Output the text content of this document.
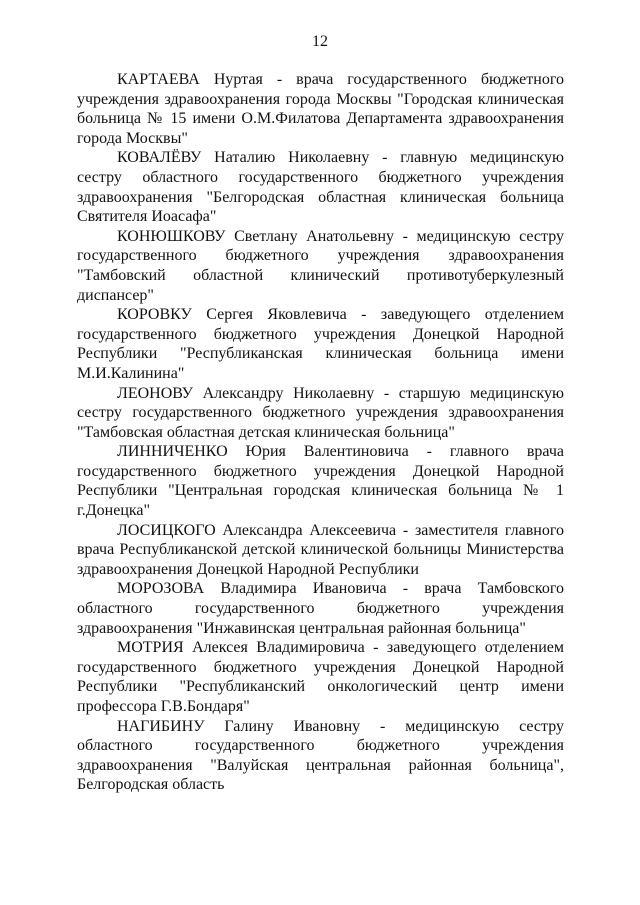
12

КАРТАЕВА Нуртая - врача государственного бюджетного учреждения здравоохранения города Москвы "Городская клиническая больница № 15 имени О.М.Филатова Департамента здравоохранения города Москвы"

КОВАЛЁВУ Наталию Николаевну - главную медицинскую сестру областного государственного бюджетного учреждения здравоохранения "Белгородская областная клиническая больница Святителя Иоасафа"

КОНЮШКОВУ Светлану Анатольевну - медицинскую сестру государственного бюджетного учреждения здравоохранения "Тамбовский областной клинический противотуберкулезный диспансер"

КОРОВКУ Сергея Яковлевича - заведующего отделением государственного бюджетного учреждения Донецкой Народной Республики "Республиканская клиническая больница имени М.И.Калинина"

ЛЕОНОВУ Александру Николаевну - старшую медицинскую сестру государственного бюджетного учреждения здравоохранения "Тамбовская областная детская клиническая больница"

ЛИННИЧЕНКО Юрия Валентиновича - главного врача государственного бюджетного учреждения Донецкой Народной Республики "Центральная городская клиническая больница № 1 г.Донецка"

ЛОСИЦКОГО Александра Алексеевича - заместителя главного врача Республиканской детской клинической больницы Министерства здравоохранения Донецкой Народной Республики

МОРОЗОВА Владимира Ивановича - врача Тамбовского областного государственного бюджетного учреждения здравоохранения "Инжавинская центральная районная больница"

МОТРИЯ Алексея Владимировича - заведующего отделением государственного бюджетного учреждения Донецкой Народной Республики "Республиканский онкологический центр имени профессора Г.В.Бондаря"

НАГИБИНУ Галину Ивановну - медицинскую сестру областного государственного бюджетного учреждения здравоохранения "Валуйская центральная районная больница", Белгородская область
